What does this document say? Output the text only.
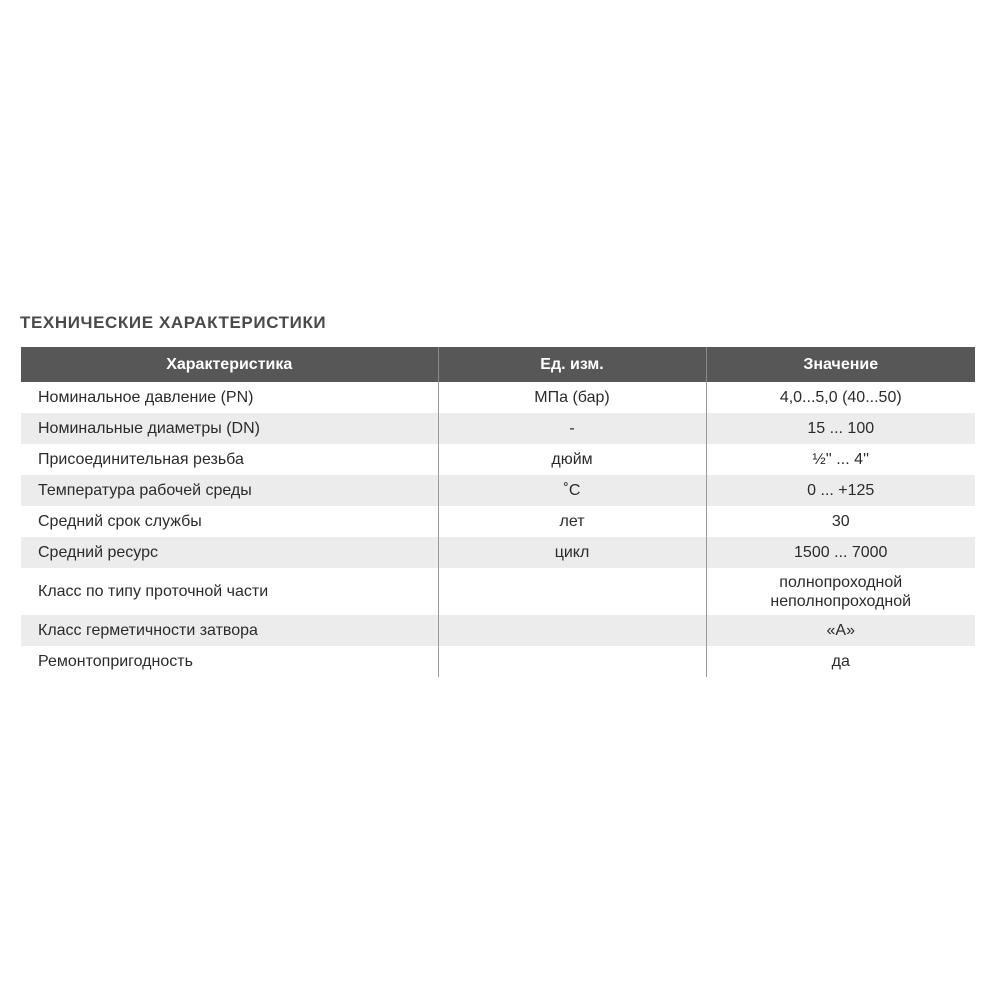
ТЕХНИЧЕСКИЕ ХАРАКТЕРИСТИКИ
Характеристика	Ед. изм.	Значение
Номинальное давление (PN)	МПа (бар)	4,0...5,0 (40...50)

Номинальные диаметры (DN)	-	15 ... 100

Присоединительная резьба	дюйм	½'' ... 4''

Температура рабочей среды	˚С	0 ... +125

Средний срок службы	лет	30

Средний ресурс	цикл	1500 ... 7000

Класс по типу проточной части		полнопроходной
неполнопроходной

Класс герметичности затвора		«А»

Ремонтопригодность		да
